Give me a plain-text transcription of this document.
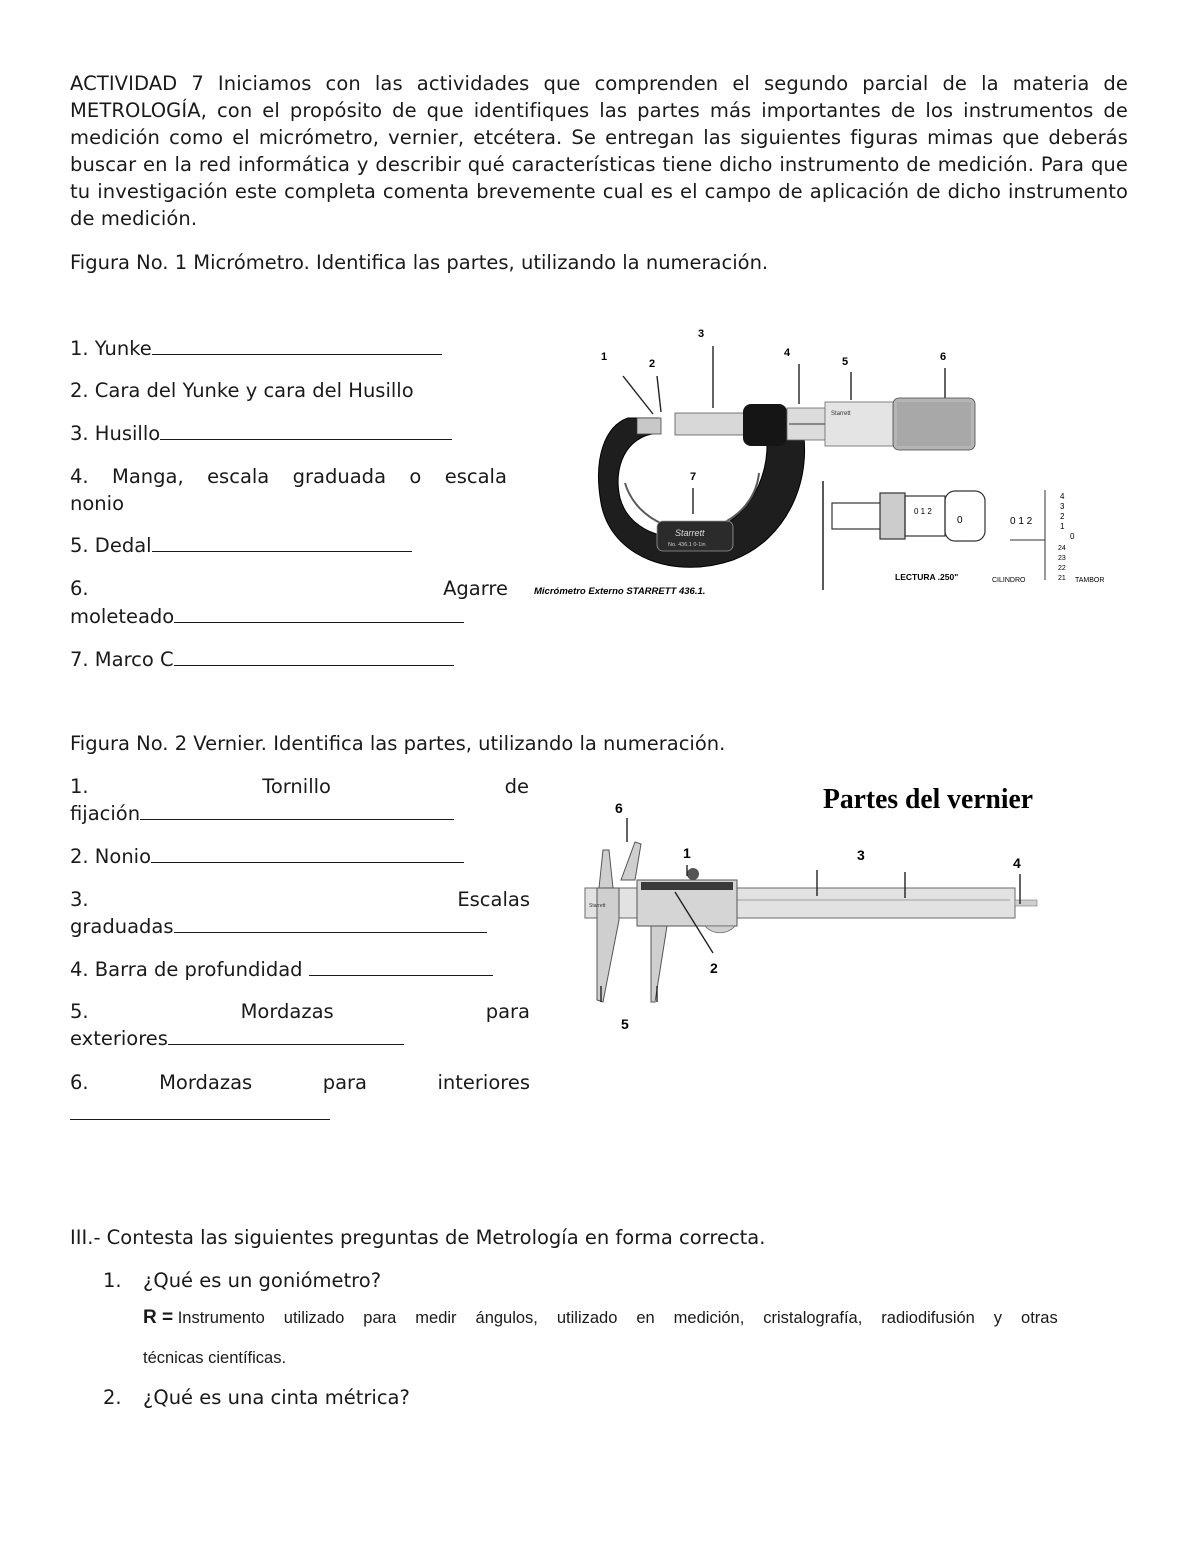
ACTIVIDAD 7 Iniciamos con las actividades que comprenden el segundo parcial de la materia de METROLOGÍA, con el propósito de que identifiques las partes más importantes de los instrumentos de medición como el micrómetro, vernier, etcétera. Se entregan las siguientes figuras mimas que deberás buscar en la red informática y describir qué características tiene dicho instrumento de medición. Para que tu investigación este completa comenta brevemente cual es el campo de aplicación de dicho instrumento de medición.

Figura No. 1 Micrómetro. Identifica las partes, utilizando la numeración.
1. Yunke
2. Cara del Yunke y cara del Husillo
3. Husillo
4. Manga, escala graduada o escala
nonio
5. Dedal
6.	Agarre
moleteado
7. Marco C
1
2
3
4
5	6
7
Starrett
No. 436.1 0-1in
Starrett
0 1 2
0	0 1 2
4
3
2
1
0
24
23
22
21
Micrómetro Externo STARRETT 436.1.
LECTURA .250"	CILINDRO	TAMBOR
Figura No. 2 Vernier. Identifica las partes, utilizando la numeración.
1.	Tornillo	de
fijación
2. Nonio
3.	Escalas
graduadas
4. Barra de profundidad
5.	Mordazas	para
exteriores
6.	Mordazas	para	interiores
Partes del vernier
6
1	3	4
2
5
Starrett
III.- Contesta las siguientes preguntas de Metrología en forma correcta.
1. ¿Qué es un goniómetro?
R = Instrumento utilizado para medir ángulos, utilizado en medición, cristalografía, radiodifusión y otras
técnicas científicas.
2. ¿Qué es una cinta métrica?
